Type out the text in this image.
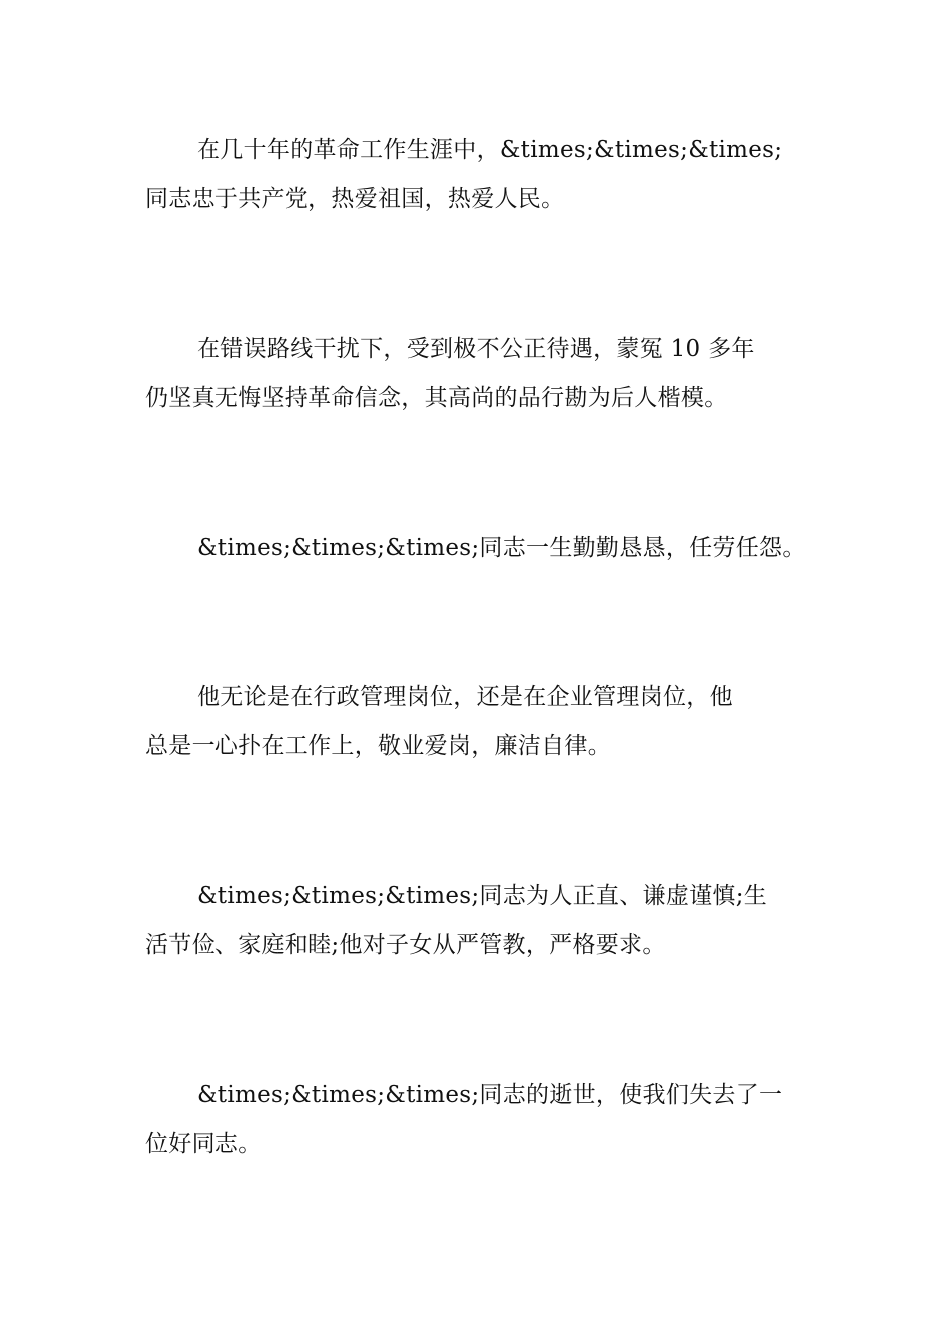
在几十年的革命工作生涯中，&times;&times;&times;
同志忠于共产党，热爱祖国，热爱人民。

在错误路线干扰下，受到极不公正待遇，蒙冤 10 多年
仍坚真无悔坚持革命信念，其高尚的品行勘为后人楷模。

&times;&times;&times;同志一生勤勤恳恳，任劳任怨。

他无论是在行政管理岗位，还是在企业管理岗位，他
总是一心扑在工作上，敬业爱岗，廉洁自律。

&times;&times;&times;同志为人正直、谦虚谨慎;生
活节俭、家庭和睦;他对子女从严管教，严格要求。

&times;&times;&times;同志的逝世，使我们失去了一
位好同志。
